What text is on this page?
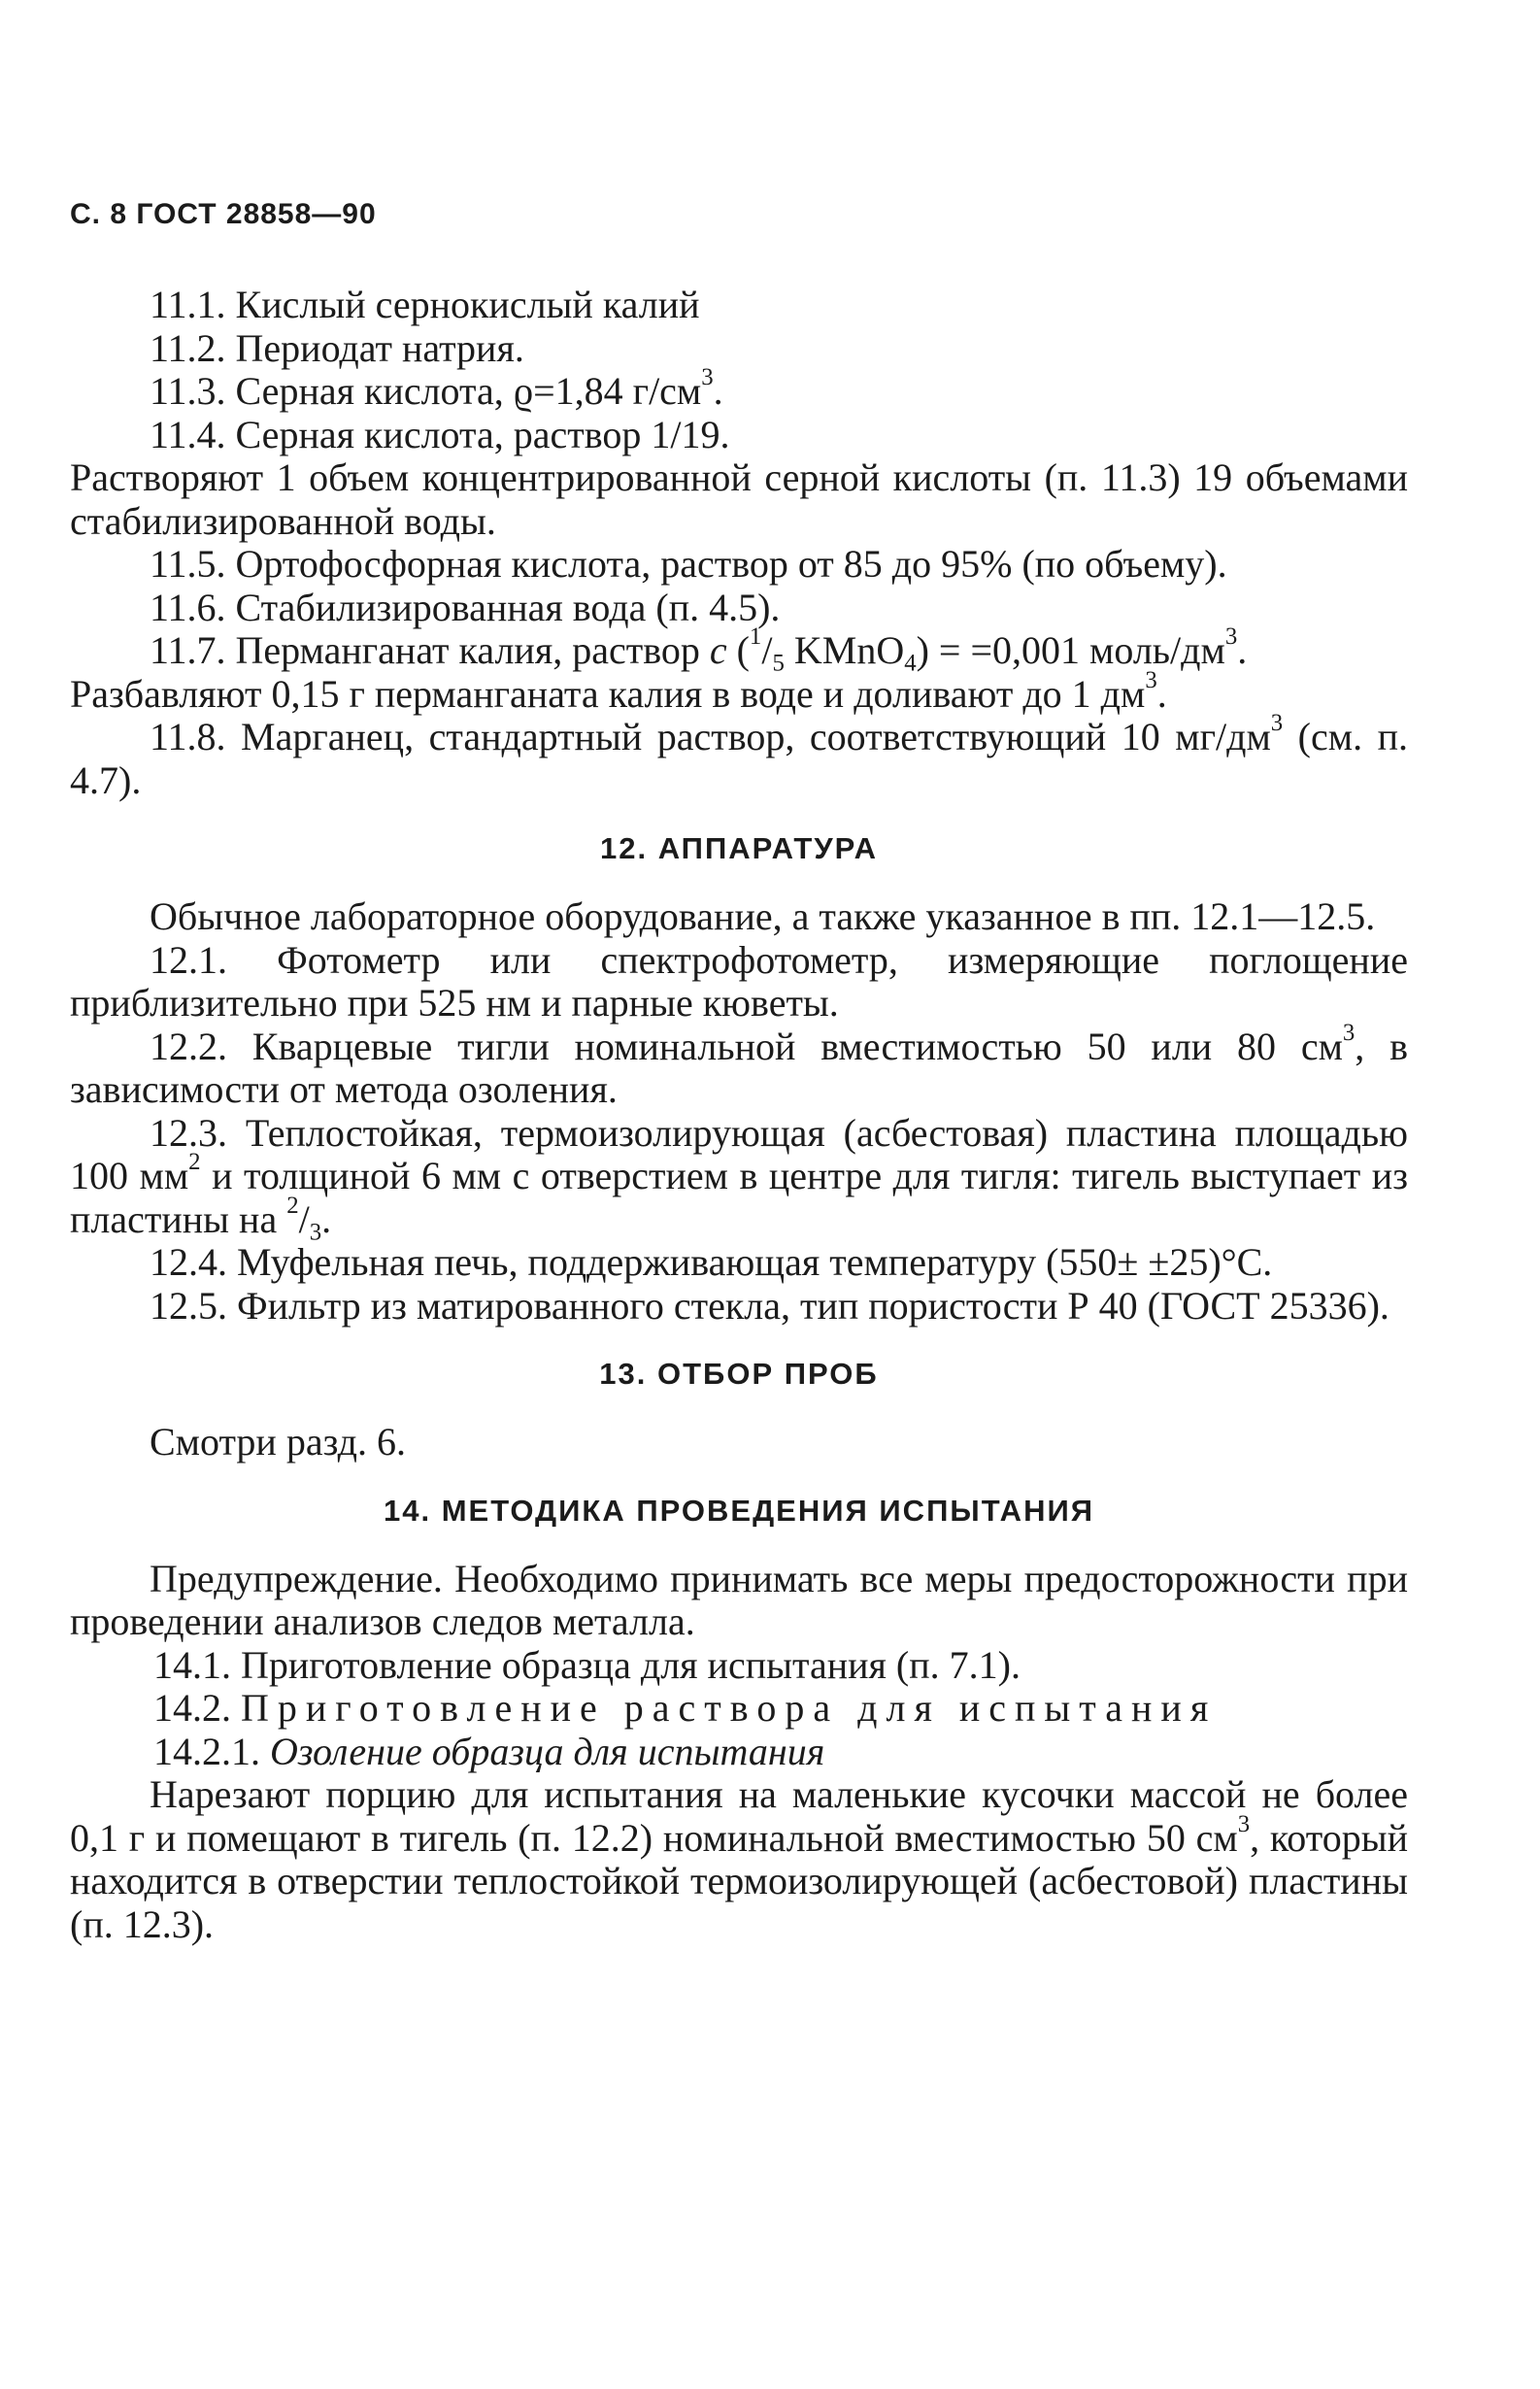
С. 8 ГОСТ 28858—90

11.1. Кислый сернокислый калий

11.2. Периодат натрия.

11.3. Серная кислота, ϱ=1,84 $г/см^3$.

11.4. Серная кислота, раствор 1/19.

Растворяют 1 объем концентрированной серной кислоты (п. 11.3) 19 объемами стабилизированной воды.

11.5. Ортофосфорная кислота, раствор от 85 до 95% (по объему).

11.6. Стабилизированная вода (п. 4.5).

11.7. Перманганат калия, раствор c ($^1/_5$ KMnO$_4$) = =0,001 моль/$дм^3$.

Разбавляют 0,15 г перманганата калия в воде и доливают до 1 $дм^3$.

11.8. Марганец, стандартный раствор, соответствующий 10 $мг/дм^3$ (см. п. 4.7).

12. АППАРАТУРА

Обычное лабораторное оборудование, а также указанное в пп. 12.1—12.5.

12.1. Фотометр или спектрофотометр, измеряющие поглощение приблизительно при 525 нм и парные кюветы.

12.2. Кварцевые тигли номинальной вместимостью 50 или 80 $см^3$, в зависимости от метода озоления.

12.3. Теплостойкая, термоизолирующая (асбестовая) пластина площадью 100 $мм^2$ и толщиной 6 мм с отверстием в центре для тигля: тигель выступает из пластины на $^2/_3$.

12.4. Муфельная печь, поддерживающая температуру (550± ±25)°С.

12.5. Фильтр из матированного стекла, тип пористости Р 40 (ГОСТ 25336).

13. ОТБОР ПРОБ

Смотри разд. 6.

14. МЕТОДИКА ПРОВЕДЕНИЯ ИСПЫТАНИЯ

Предупреждение. Необходимо принимать все меры предосторожности при проведении анализов следов металла.

14.1. Приготовление образца для испытания (п. 7.1).

14.2. Приготовление раствора для испытания

14.2.1. Озоление образца для испытания

Нарезают порцию для испытания на маленькие кусочки массой не более 0,1 г и помещают в тигель (п. 12.2) номинальной вместимостью 50 $см^3$, который находится в отверстии теплостойкой термоизолирующей (асбестовой) пластины (п. 12.3).
